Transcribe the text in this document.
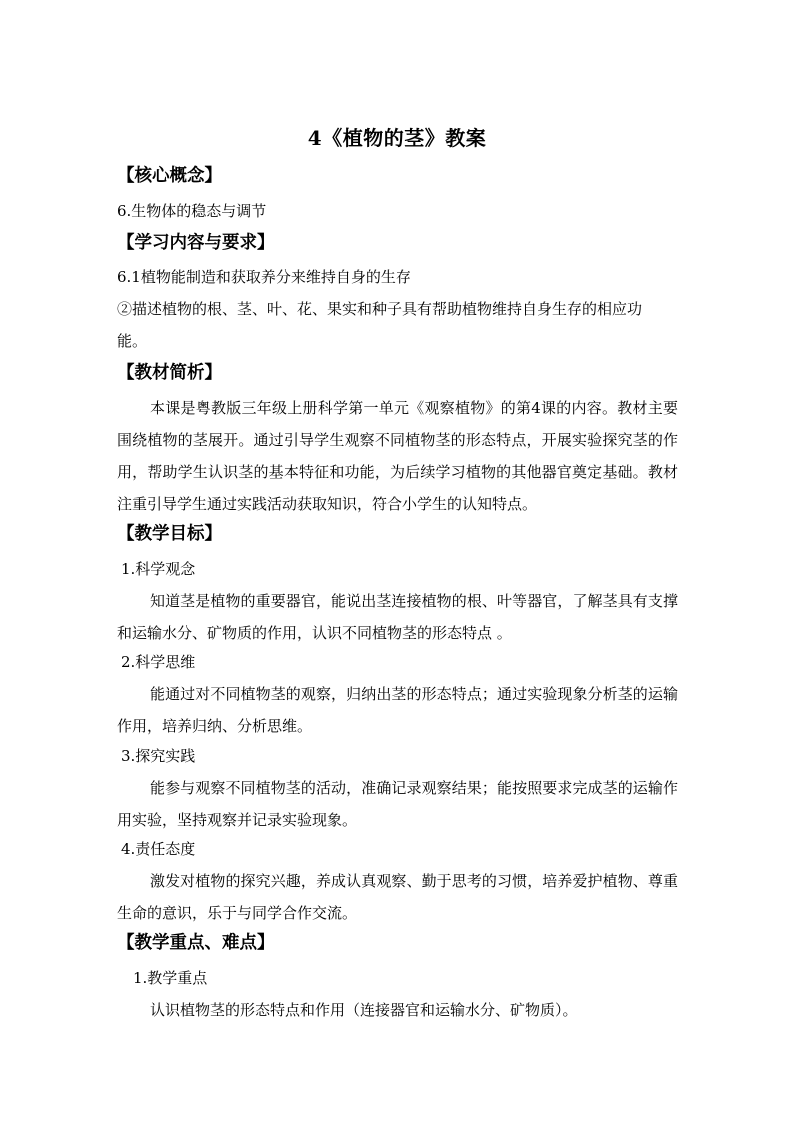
4《植物的茎》教案
【核心概念】
6.生物体的稳态与调节
【学习内容与要求】
6.1植物能制造和获取养分来维持自身的生存
②描述植物的根、茎、叶、花、果实和种子具有帮助植物维持自身生存的相应功
能。
【教材简析】
本课是粤教版三年级上册科学第一单元《观察植物》的第4课的内容。教材主要围绕植物的茎展开。通过引导学生观察不同植物茎的形态特点，开展实验探究茎的作用，帮助学生认识茎的基本特征和功能，为后续学习植物的其他器官奠定基础。教材注重引导学生通过实践活动获取知识，符合小学生的认知特点。
【教学目标】
1.科学观念
知道茎是植物的重要器官，能说出茎连接植物的根、叶等器官，了解茎具有支撑和运输水分、矿物质的作用，认识不同植物茎的形态特点 。
2.科学思维
能通过对不同植物茎的观察，归纳出茎的形态特点；通过实验现象分析茎的运输作用，培养归纳、分析思维。
3.探究实践
能参与观察不同植物茎的活动，准确记录观察结果；能按照要求完成茎的运输作用实验，坚持观察并记录实验现象。
4.责任态度
激发对植物的探究兴趣，养成认真观察、勤于思考的习惯，培养爱护植物、尊重生命的意识，乐于与同学合作交流。
【教学重点、难点】
1.教学重点
认识植物茎的形态特点和作用（连接器官和运输水分、矿物质）。
